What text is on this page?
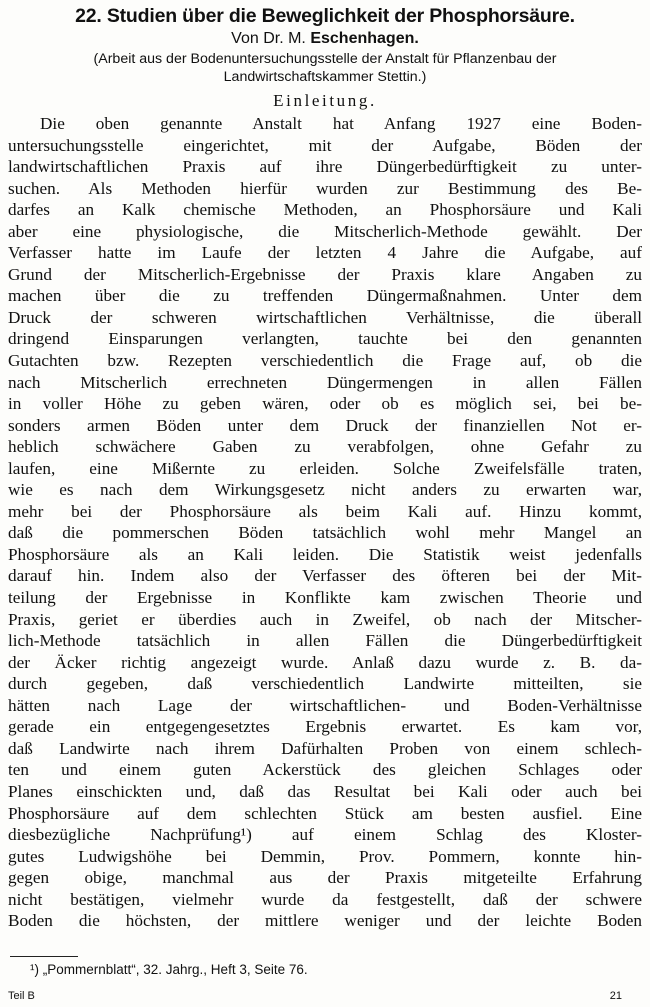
22. Studien über die Beweglichkeit der Phosphorsäure.
Von Dr. M. Eschenhagen.
(Arbeit aus der Bodenuntersuchungsstelle der Anstalt für Pflanzenbau der
Landwirtschaftskammer Stettin.)
Einleitung.
Die oben genannte Anstalt hat Anfang 1927 eine Boden-
untersuchungsstelle eingerichtet, mit der Aufgabe, Böden der
landwirtschaftlichen Praxis auf ihre Düngerbedürftigkeit zu unter-
suchen. Als Methoden hierfür wurden zur Bestimmung des Be-
darfes an Kalk chemische Methoden, an Phosphorsäure und Kali
aber eine physiologische, die Mitscherlich-Methode gewählt. Der
Verfasser hatte im Laufe der letzten 4 Jahre die Aufgabe, auf
Grund der Mitscherlich-Ergebnisse der Praxis klare Angaben zu
machen über die zu treffenden Düngermaßnahmen. Unter dem
Druck der schweren wirtschaftlichen Verhältnisse, die überall
dringend Einsparungen verlangten, tauchte bei den genannten
Gutachten bzw. Rezepten verschiedentlich die Frage auf, ob die
nach Mitscherlich errechneten Düngermengen in allen Fällen
in voller Höhe zu geben wären, oder ob es möglich sei, bei be-
sonders armen Böden unter dem Druck der finanziellen Not er-
heblich schwächere Gaben zu verabfolgen, ohne Gefahr zu
laufen, eine Mißernte zu erleiden. Solche Zweifelsfälle traten,
wie es nach dem Wirkungsgesetz nicht anders zu erwarten war,
mehr bei der Phosphorsäure als beim Kali auf. Hinzu kommt,
daß die pommerschen Böden tatsächlich wohl mehr Mangel an
Phosphorsäure als an Kali leiden. Die Statistik weist jedenfalls
darauf hin. Indem also der Verfasser des öfteren bei der Mit-
teilung der Ergebnisse in Konflikte kam zwischen Theorie und
Praxis, geriet er überdies auch in Zweifel, ob nach der Mitscher-
lich-Methode tatsächlich in allen Fällen die Düngerbedürftigkeit
der Äcker richtig angezeigt wurde. Anlaß dazu wurde z. B. da-
durch gegeben, daß verschiedentlich Landwirte mitteilten, sie
hätten nach Lage der wirtschaftlichen- und Boden-Verhältnisse
gerade ein entgegengesetztes Ergebnis erwartet. Es kam vor,
daß Landwirte nach ihrem Dafürhalten Proben von einem schlech-
ten und einem guten Ackerstück des gleichen Schlages oder
Planes einschickten und, daß das Resultat bei Kali oder auch bei
Phosphorsäure auf dem schlechten Stück am besten ausfiel. Eine
diesbezügliche Nachprüfung¹) auf einem Schlag des Kloster-
gutes Ludwigshöhe bei Demmin, Prov. Pommern, konnte hin-
gegen obige, manchmal aus der Praxis mitgeteilte Erfahrung
nicht bestätigen, vielmehr wurde da festgestellt, daß der schwere
Boden die höchsten, der mittlere weniger und der leichte Boden
¹) „Pommernblatt“, 32. Jahrg., Heft 3, Seite 76.
Teil B	21
